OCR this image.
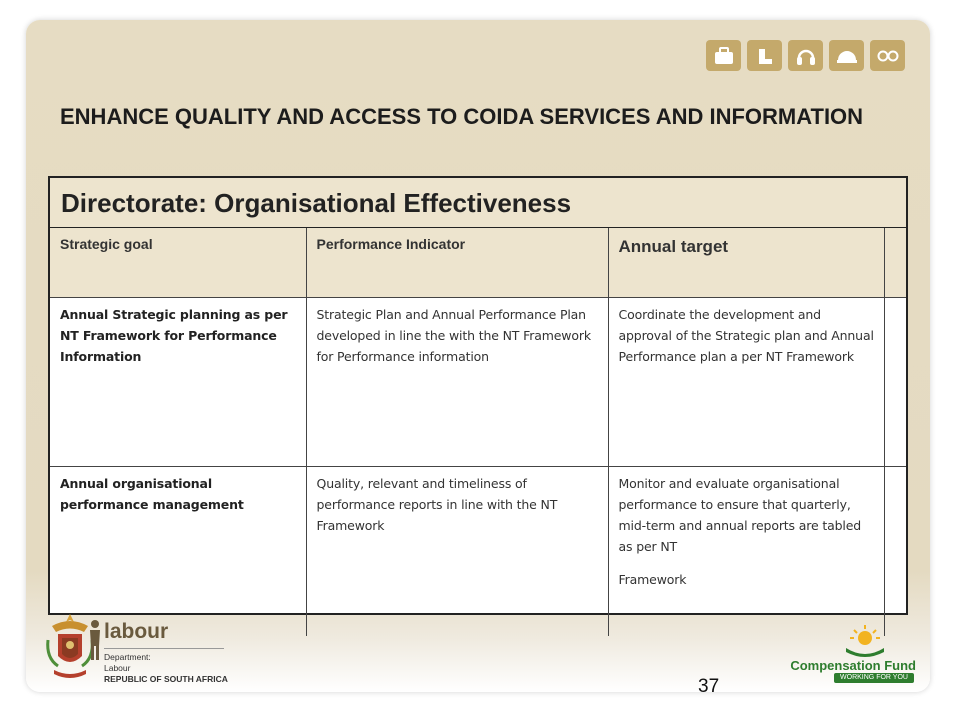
ENHANCE QUALITY AND ACCESS TO COIDA SERVICES AND INFORMATION
Directorate: Organisational Effectiveness
Strategic goal	Performance Indicator	Annual target	
Annual Strategic planning as per NT Framework for Performance Information	Strategic Plan and Annual Performance Plan developed in line the with the NT Framework for Performance information	Coordinate the development and approval of the Strategic plan and Annual Performance plan a per NT Framework	

Annual organisational performance management	Quality, relevant and timeliness of performance reports in line with the NT Framework	Monitor and evaluate organisational performance to ensure that quarterly, mid-term and annual reports are tabled as per NT
Framework	

labour
Department:
Labour
REPUBLIC OF SOUTH AFRICA
Compensation Fund
WORKING FOR YOU
37
